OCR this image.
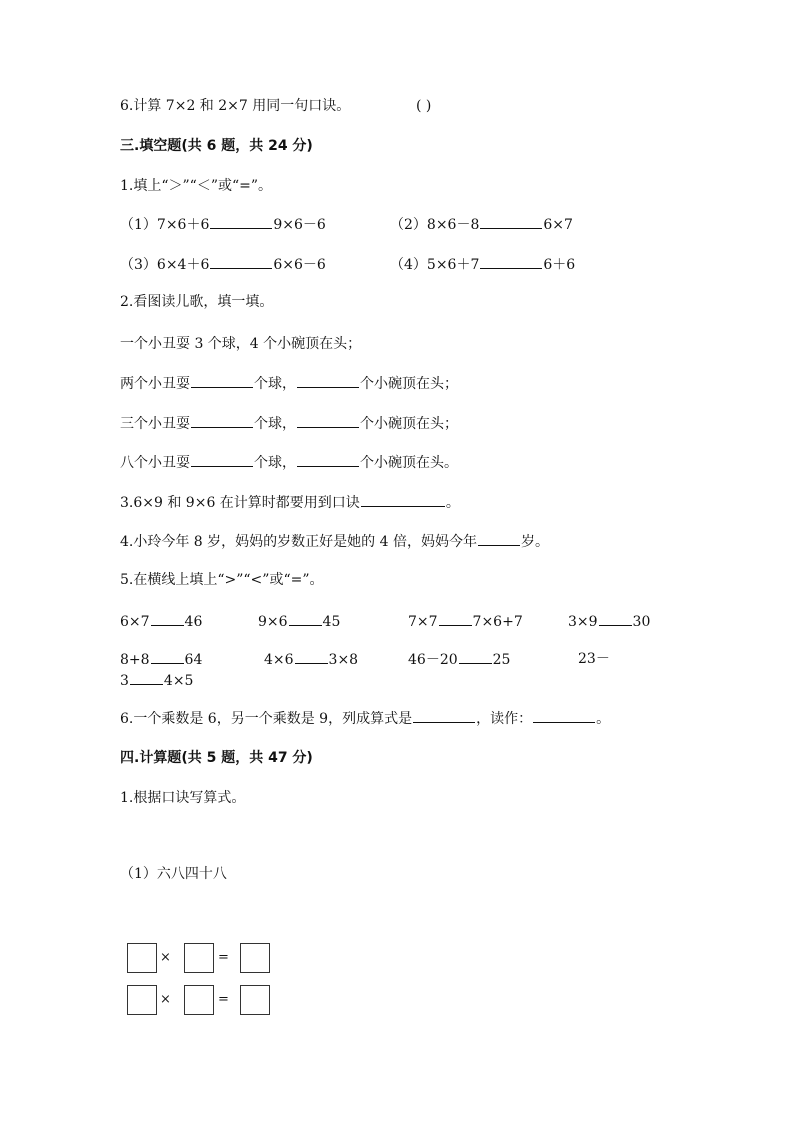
6.计算 7×2 和 2×7 用同一句口诀。	( )
三.填空题(共 6 题，共 24 分)
1.填上“＞”“＜”或“=”。
（1）7×6＋6	9×6－6	（2）8×6－8	6×7
（3）6×4＋6	6×6－6	（4）5×6＋7	6＋6
2.看图读儿歌，填一填。
一个小丑耍 3 个球，4 个小碗顶在头；
两个小丑耍	个球，	个小碗顶在头；
三个小丑耍	个球，	个小碗顶在头；
八个小丑耍	个球，	个小碗顶在头。
3.6×9 和 9×6 在计算时都要用到口诀	。
4.小玲今年 8 岁，妈妈的岁数正好是她的 4 倍，妈妈今年	岁。
5.在横线上填上“>”“<”或“=”。
6×7	46	9×6	45	7×7	7×6+7	3×9	30
8+8	64	4×6	3×8	46－20	25	23－
3	4×5
6.一个乘数是 6，另一个乘数是 9，列成算式是	，读作：	。
四.计算题(共 5 题，共 47 分)
1.根据口诀写算式。
（1）六八四十八
×	=
×	=
